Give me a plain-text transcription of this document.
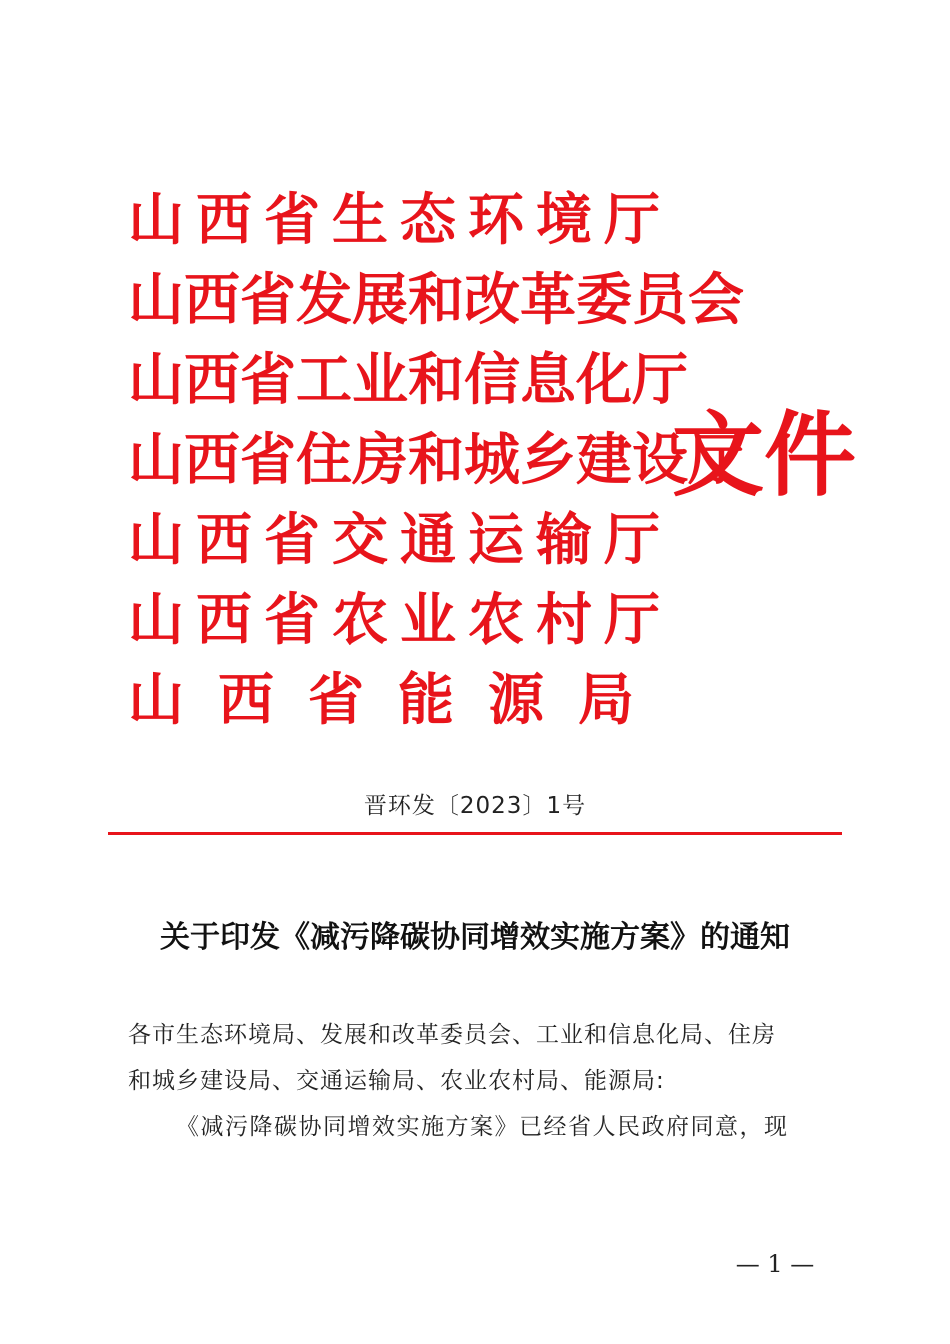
山西省生态环境厅
山西省发展和改革委员会
山西省工业和信息化厅
山西省住房和城乡建设厅
山西省交通运输厅
山西省农业农村厅
山西省能源局
文件
晋环发〔2023〕1号
关于印发《减污降碳协同增效实施方案》的通知

各市生态环境局、发展和改革委员会、工业和信息化局、住房

和城乡建设局、交通运输局、农业农村局、能源局:

《减污降碳协同增效实施方案》已经省人民政府同意，现

— 1 —
